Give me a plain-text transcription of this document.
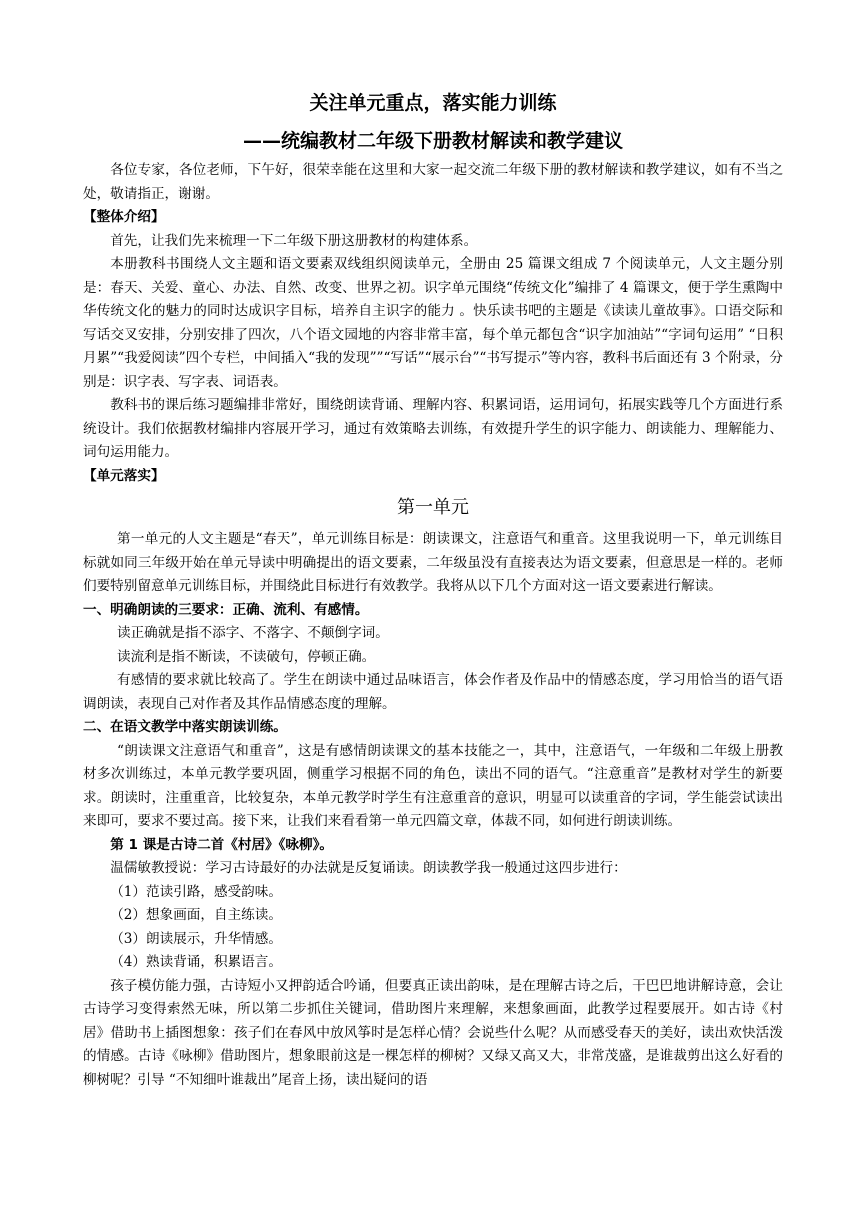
关注单元重点，落实能力训练
——统编教材二年级下册教材解读和教学建议

各位专家，各位老师，下午好，很荣幸能在这里和大家一起交流二年级下册的教材解读和教学建议，如有不当之处，敬请指正，谢谢。

【整体介绍】

首先，让我们先来梳理一下二年级下册这册教材的构建体系。

本册教科书围绕人文主题和语文要素双线组织阅读单元，全册由 25 篇课文组成 7 个阅读单元，人文主题分别是：春天、关爱、童心、办法、自然、改变、世界之初。识字单元围绕“传统文化”编排了 4 篇课文，便于学生熏陶中华传统文化的魅力的同时达成识字目标，培养自主识字的能力 。快乐读书吧的主题是《读读儿童故事》。口语交际和写话交叉安排，分别安排了四次，八个语文园地的内容非常丰富，每个单元都包含“识字加油站”“字词句运用” “日积月累”“我爱阅读”四个专栏，中间插入“我的发现””“写话”“展示台”“书写提示”等内容，教科书后面还有 3 个附录，分别是：识字表、写字表、词语表。

教科书的课后练习题编排非常好，围绕朗读背诵、理解内容、积累词语，运用词句，拓展实践等几个方面进行系统设计。我们依据教材编排内容展开学习，通过有效策略去训练，有效提升学生的识字能力、朗读能力、理解能力、词句运用能力。

【单元落实】

第一单元

第一单元的人文主题是“春天”，单元训练目标是：朗读课文，注意语气和重音。这里我说明一下，单元训练目标就如同三年级开始在单元导读中明确提出的语文要素，二年级虽没有直接表达为语文要素，但意思是一样的。老师们要特别留意单元训练目标，并围绕此目标进行有效教学。我将从以下几个方面对这一语文要素进行解读。

一、明确朗读的三要求：正确、流利、有感情。

读正确就是指不添字、不落字、不颠倒字词。

读流利是指不断读，不读破句，停顿正确。

有感情的要求就比较高了。学生在朗读中通过品味语言，体会作者及作品中的情感态度，学习用恰当的语气语调朗读，表现自己对作者及其作品情感态度的理解。

二、在语文教学中落实朗读训练。

“朗读课文注意语气和重音”，这是有感情朗读课文的基本技能之一，其中，注意语气，一年级和二年级上册教材多次训练过，本单元教学要巩固，侧重学习根据不同的角色，读出不同的语气。“注意重音”是教材对学生的新要求。朗读时，注重重音，比较复杂，本单元教学时学生有注意重音的意识，明显可以读重音的字词，学生能尝试读出来即可，要求不要过高。接下来，让我们来看看第一单元四篇文章，体裁不同，如何进行朗读训练。

第 1 课是古诗二首《村居》《咏柳》。

温儒敏教授说：学习古诗最好的办法就是反复诵读。朗读教学我一般通过这四步进行：

（1）范读引路，感受韵味。

（2）想象画面，自主练读。

（3）朗读展示，升华情感。

（4）熟读背诵，积累语言。

孩子模仿能力强，古诗短小又押韵适合吟诵，但要真正读出韵味，是在理解古诗之后，干巴巴地讲解诗意，会让古诗学习变得索然无味，所以第二步抓住关键词，借助图片来理解，来想象画面，此教学过程要展开。如古诗《村居》借助书上插图想象：孩子们在春风中放风筝时是怎样心情？会说些什么呢？从而感受春天的美好，读出欢快活泼的情感。古诗《咏柳》借助图片，想象眼前这是一棵怎样的柳树？又绿又高又大，非常茂盛，是谁裁剪出这么好看的柳树呢？引导 “不知细叶谁裁出”尾音上扬，读出疑问的语
